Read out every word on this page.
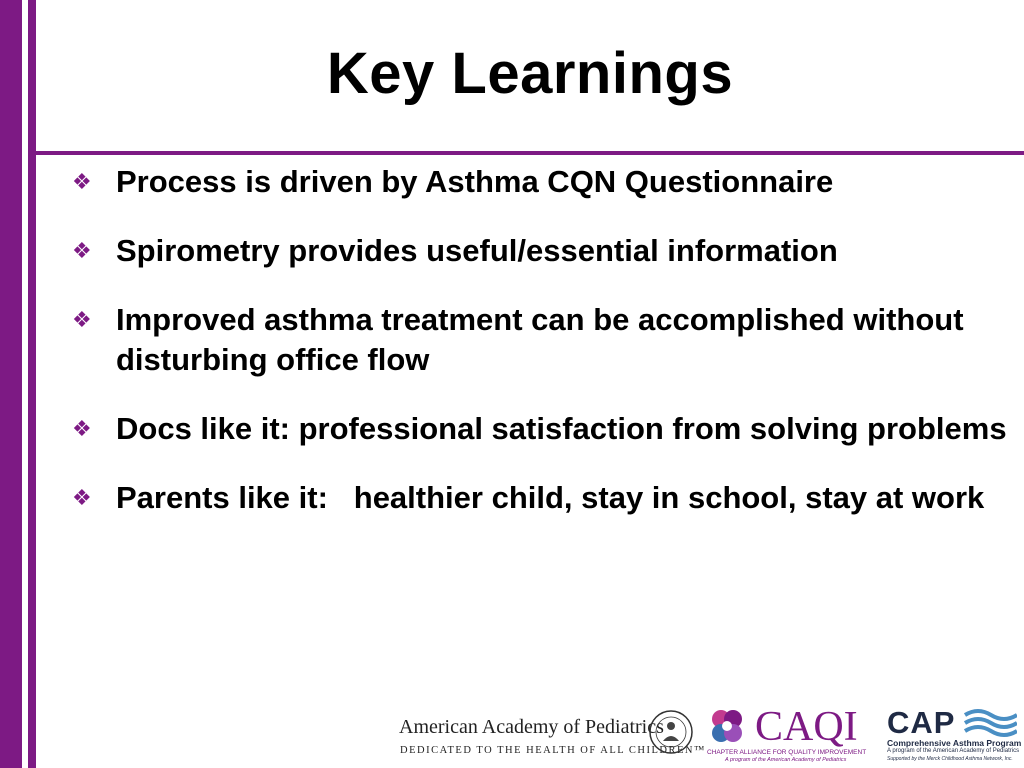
Key Learnings
❖ Process is driven by Asthma CQN Questionnaire
❖ Spirometry provides useful/essential information
❖ Improved asthma treatment can be accomplished without disturbing office flow
❖ Docs like it: professional satisfaction from solving problems
❖ Parents like it:   healthier child, stay in school, stay at work
American Academy of Pediatrics
DEDICATED TO THE HEALTH OF ALL CHILDREN™
CAQI
CHAPTER ALLIANCE FOR QUALITY IMPROVEMENT
A program of the American Academy of Pediatrics
CAP
Comprehensive Asthma Program
A program of the American Academy of Pediatrics
Supported by the Merck Childhood Asthma Network, Inc.
